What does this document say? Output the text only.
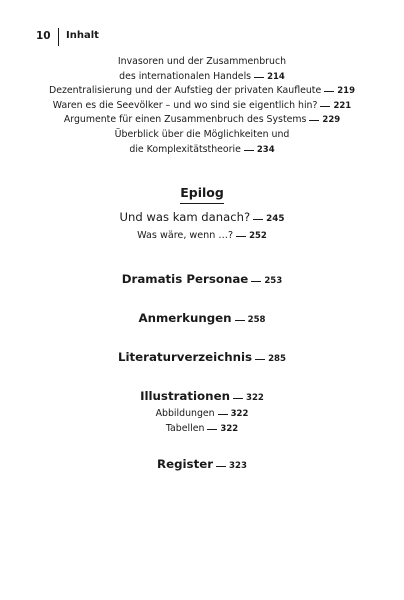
10 Inhalt
Invasoren und der Zusammenbruch
des internationalen Handels 214
Dezentralisierung und der Aufstieg der privaten Kaufleute 219
Waren es die Seevölker – und wo sind sie eigentlich hin? 221
Argumente für einen Zusammenbruch des Systems 229
Überblick über die Möglichkeiten und
die Komplexitätstheorie 234
Epilog
Und was kam danach? 245
Was wäre, wenn …? 252
Dramatis Personae 253
Anmerkungen 258
Literaturverzeichnis 285
Illustrationen 322
Abbildungen 322
Tabellen 322
Register 323
